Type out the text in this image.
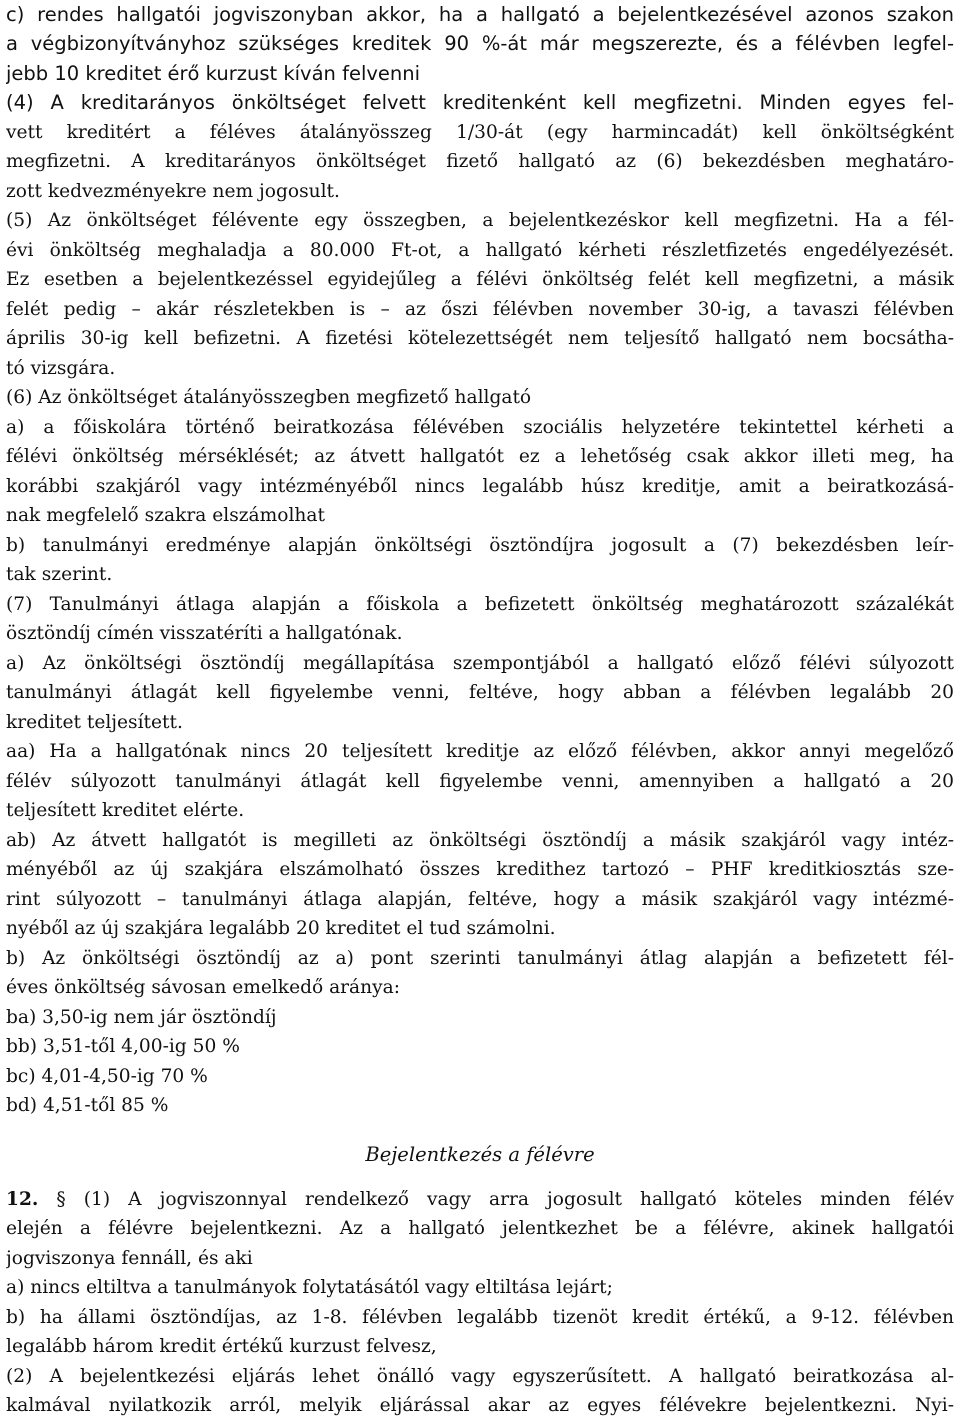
c) rendes hallgatói jogviszonyban akkor, ha a hallgató a bejelentkezésével azonos szakon
a végbizonyítványhoz szükséges kreditek 90 %-át már megszerezte, és a félévben legfel-
jebb 10 kreditet érő kurzust kíván felvenni
(4) A kreditarányos önköltséget felvett kreditenként kell megfizetni. Minden egyes fel-
vett kreditért a féléves átalányösszeg 1/30-át (egy harmincadát) kell önköltségként
megfizetni. A kreditarányos önköltséget fizető hallgató az (6) bekezdésben meghatáro-
zott kedvezményekre nem jogosult.
(5) Az önköltséget félévente egy összegben, a bejelentkezéskor kell megfizetni. Ha a fél-
évi önköltség meghaladja a 80.000 Ft-ot, a hallgató kérheti részletfizetés engedélyezését.
Ez esetben a bejelentkezéssel egyidejűleg a félévi önköltség felét kell megfizetni, a másik
felét pedig – akár részletekben is – az őszi félévben november 30-ig, a tavaszi félévben
április 30-ig kell befizetni. A fizetési kötelezettségét nem teljesítő hallgató nem bocsátha-
tó vizsgára.
(6) Az önköltséget átalányösszegben megfizető hallgató
a) a főiskolára történő beiratkozása félévében szociális helyzetére tekintettel kérheti a
félévi önköltség mérséklését; az átvett hallgatót ez a lehetőség csak akkor illeti meg, ha
korábbi szakjáról vagy intézményéből nincs legalább húsz kreditje, amit a beiratkozásá-
nak megfelelő szakra elszámolhat
b) tanulmányi eredménye alapján önköltségi ösztöndíjra jogosult a (7) bekezdésben leír-
tak szerint.
(7) Tanulmányi átlaga alapján a főiskola a befizetett önköltség meghatározott százalékát
ösztöndíj címén visszatéríti a hallgatónak.
a) Az önköltségi ösztöndíj megállapítása szempontjából a hallgató előző félévi súlyozott
tanulmányi átlagát kell figyelembe venni, feltéve, hogy abban a félévben legalább 20
kreditet teljesített.
aa) Ha a hallgatónak nincs 20 teljesített kreditje az előző félévben, akkor annyi megelőző
félév súlyozott tanulmányi átlagát kell figyelembe venni, amennyiben a hallgató a 20
teljesített kreditet elérte.
ab) Az átvett hallgatót is megilleti az önköltségi ösztöndíj a másik szakjáról vagy intéz-
ményéből az új szakjára elszámolható összes kredithez tartozó – PHF kreditkiosztás sze-
rint súlyozott – tanulmányi átlaga alapján, feltéve, hogy a másik szakjáról vagy intézmé-
nyéből az új szakjára legalább 20 kreditet el tud számolni.
b) Az önköltségi ösztöndíj az a) pont szerinti tanulmányi átlag alapján a befizetett fél-
éves önköltség sávosan emelkedő aránya:
ba) 3,50-ig nem jár ösztöndíj
bb) 3,51-től 4,00-ig 50 %
bc) 4,01-4,50-ig 70 %
bd) 4,51-től 85 %
Bejelentkezés a félévre
12. § (1) A jogviszonnyal rendelkező vagy arra jogosult hallgató köteles minden félév
elején a félévre bejelentkezni. Az a hallgató jelentkezhet be a félévre, akinek hallgatói
jogviszonya fennáll, és aki
a) nincs eltiltva a tanulmányok folytatásától vagy eltiltása lejárt;
b) ha állami ösztöndíjas, az 1-8. félévben legalább tizenöt kredit értékű, a 9-12. félévben
legalább három kredit értékű kurzust felvesz,
(2) A bejelentkezési eljárás lehet önálló vagy egyszerűsített. A hallgató beiratkozása al-
kalmával nyilatkozik arról, melyik eljárással akar az egyes félévekre bejelentkezni. Nyi-
